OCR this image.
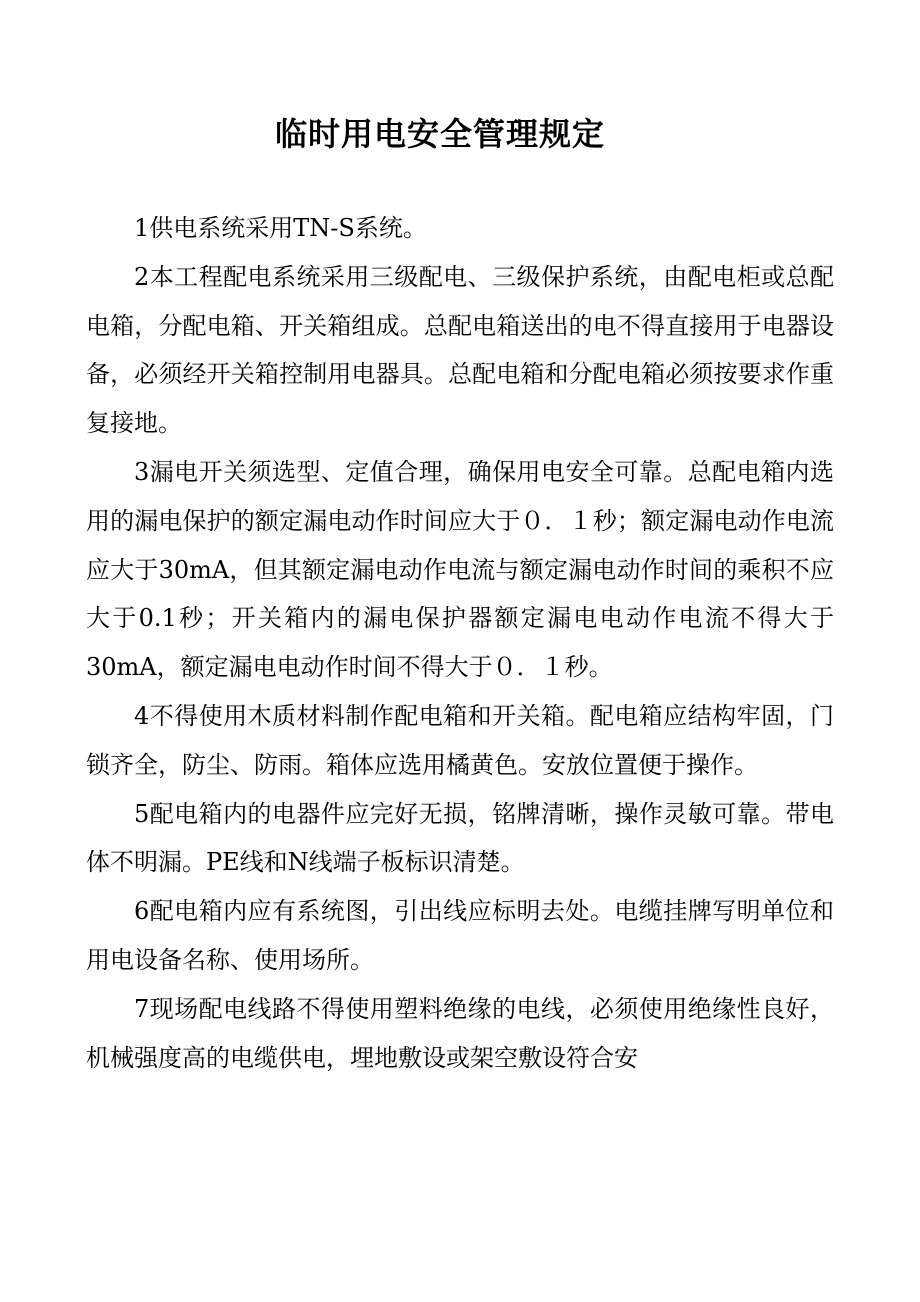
临时用电安全管理规定

1供电系统采用TN-S系统。

2本工程配电系统采用三级配电、三级保护系统，由配电柜或总配电箱，分配电箱、开关箱组成。总配电箱送出的电不得直接用于电器设备，必须经开关箱控制用电器具。总配电箱和分配电箱必须按要求作重复接地。

3漏电开关须选型、定值合理，确保用电安全可靠。总配电箱内选用的漏电保护的额定漏电动作时间应大于０．１秒；额定漏电动作电流应大于30mA，但其额定漏电动作电流与额定漏电动作时间的乘积不应大于0.1秒；开关箱内的漏电保护器额定漏电电动作电流不得大于30mA，额定漏电电动作时间不得大于０．１秒。

4不得使用木质材料制作配电箱和开关箱。配电箱应结构牢固，门锁齐全，防尘、防雨。箱体应选用橘黄色。安放位置便于操作。

5配电箱内的电器件应完好无损，铭牌清晰，操作灵敏可靠。带电体不明漏。PE线和N线端子板标识清楚。

6配电箱内应有系统图，引出线应标明去处。电缆挂牌写明单位和用电设备名称、使用场所。

7现场配电线路不得使用塑料绝缘的电线，必须使用绝缘性良好，机械强度高的电缆供电，埋地敷设或架空敷设符合安
